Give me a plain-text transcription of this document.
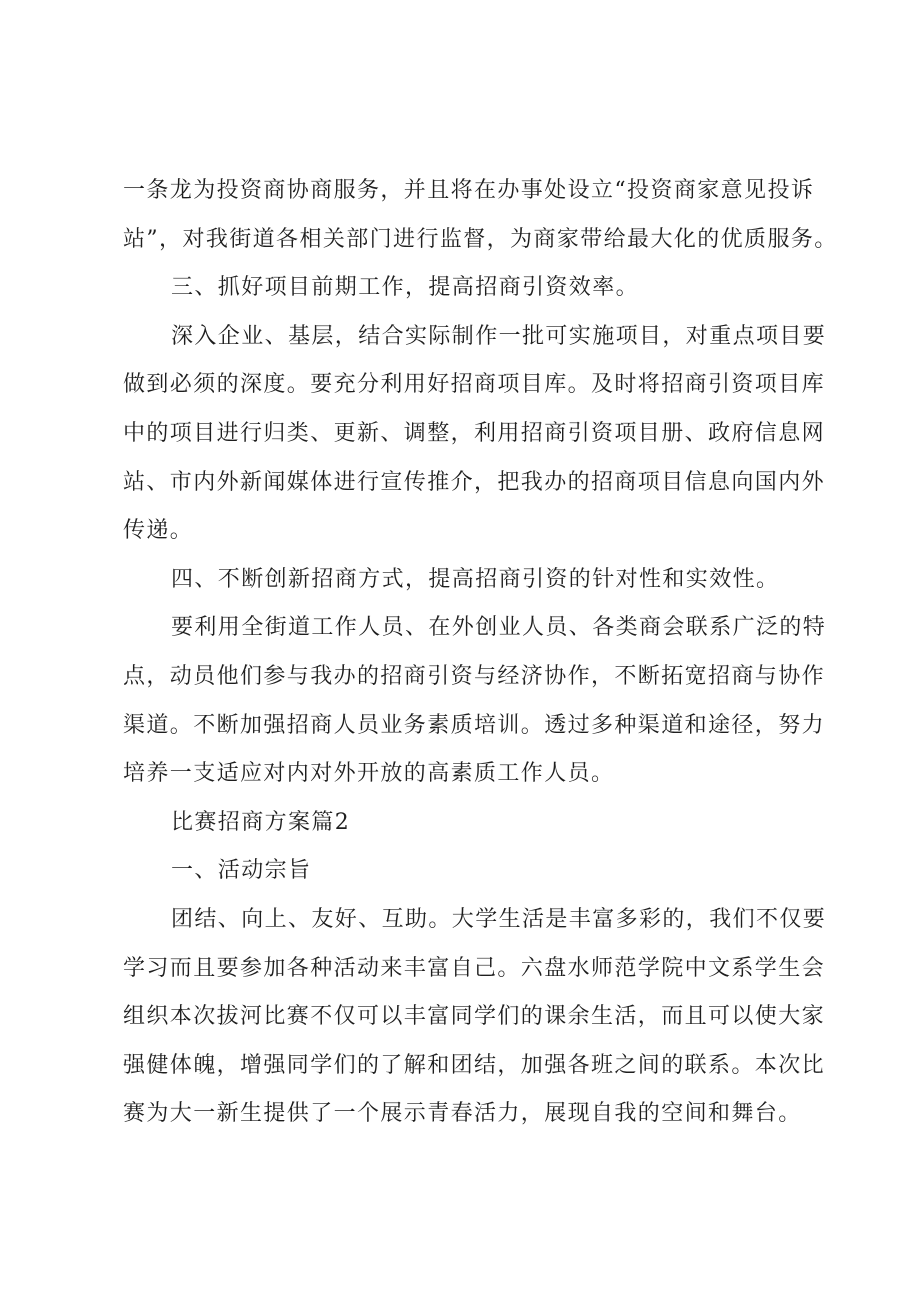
一条龙为投资商协商服务，并且将在办事处设立“投资商家意见投诉

站”，对我街道各相关部门进行监督，为商家带给最大化的优质服务。

三、抓好项目前期工作，提高招商引资效率。

深入企业、基层，结合实际制作一批可实施项目，对重点项目要

做到必须的深度。要充分利用好招商项目库。及时将招商引资项目库

中的项目进行归类、更新、调整，利用招商引资项目册、政府信息网

站、市内外新闻媒体进行宣传推介，把我办的招商项目信息向国内外

传递。

四、不断创新招商方式，提高招商引资的针对性和实效性。

要利用全街道工作人员、在外创业人员、各类商会联系广泛的特

点，动员他们参与我办的招商引资与经济协作，不断拓宽招商与协作

渠道。不断加强招商人员业务素质培训。透过多种渠道和途径，努力

培养一支适应对内对外开放的高素质工作人员。

比赛招商方案篇2

一、活动宗旨

团结、向上、友好、互助。大学生活是丰富多彩的，我们不仅要

学习而且要参加各种活动来丰富自己。六盘水师范学院中文系学生会

组织本次拔河比赛不仅可以丰富同学们的课余生活，而且可以使大家

强健体魄，增强同学们的了解和团结，加强各班之间的联系。本次比

赛为大一新生提供了一个展示青春活力，展现自我的空间和舞台。
